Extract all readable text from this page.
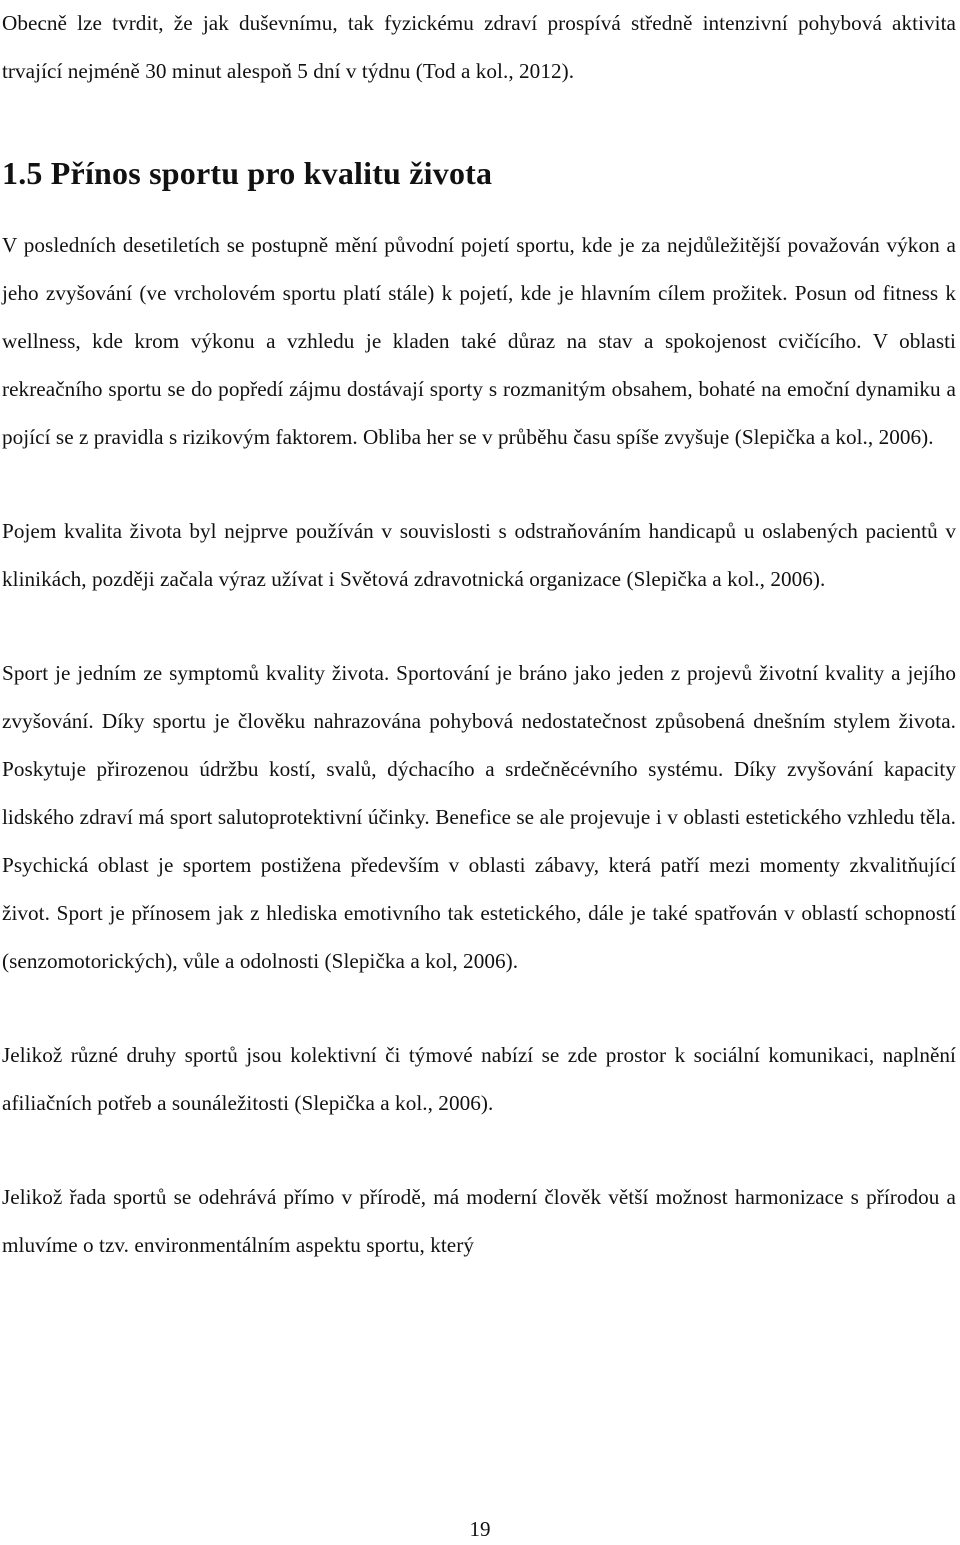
Obecně lze tvrdit, že jak duševnímu, tak fyzickému zdraví prospívá středně intenzivní pohybová aktivita trvající nejméně 30 minut alespoň 5 dní v týdnu (Tod a kol., 2012).

1.5 Přínos sportu pro kvalitu života

V posledních desetiletích se postupně mění původní pojetí sportu, kde je za nejdůležitější považován výkon a jeho zvyšování (ve vrcholovém sportu platí stále) k pojetí, kde je hlavním cílem prožitek. Posun od fitness k wellness, kde krom výkonu a vzhledu je kladen také důraz na stav a spokojenost cvičícího. V oblasti rekreačního sportu se do popředí zájmu dostávají sporty s rozmanitým obsahem, bohaté na emoční dynamiku a pojící se z pravidla s rizikovým faktorem. Obliba her se v průběhu času spíše zvyšuje (Slepička a kol., 2006).

Pojem kvalita života byl nejprve používán v souvislosti s odstraňováním handicapů u oslabených pacientů v klinikách, později začala výraz užívat i Světová zdravotnická organizace (Slepička a kol., 2006).

Sport je jedním ze symptomů kvality života. Sportování je bráno jako jeden z projevů životní kvality a jejího zvyšování. Díky sportu je člověku nahrazována pohybová nedostatečnost způsobená dnešním stylem života. Poskytuje přirozenou údržbu kostí, svalů, dýchacího a srdečněcévního systému. Díky zvyšování kapacity lidského zdraví má sport salutoprotektivní účinky. Benefice se ale projevuje i v oblasti estetického vzhledu těla. Psychická oblast je sportem postižena především v oblasti zábavy, která patří mezi momenty zkvalitňující život. Sport je přínosem jak z hlediska emotivního tak estetického, dále je také spatřován v oblastí schopností (senzomotorických), vůle a odolnosti (Slepička a kol, 2006).

Jelikož různé druhy sportů jsou kolektivní či týmové nabízí se zde prostor k sociální komunikaci, naplnění afiliačních potřeb a sounáležitosti (Slepička a kol., 2006).

Jelikož řada sportů se odehrává přímo v přírodě, má moderní člověk větší možnost harmonizace s přírodou a mluvíme o tzv. environmentálním aspektu sportu, který

19
